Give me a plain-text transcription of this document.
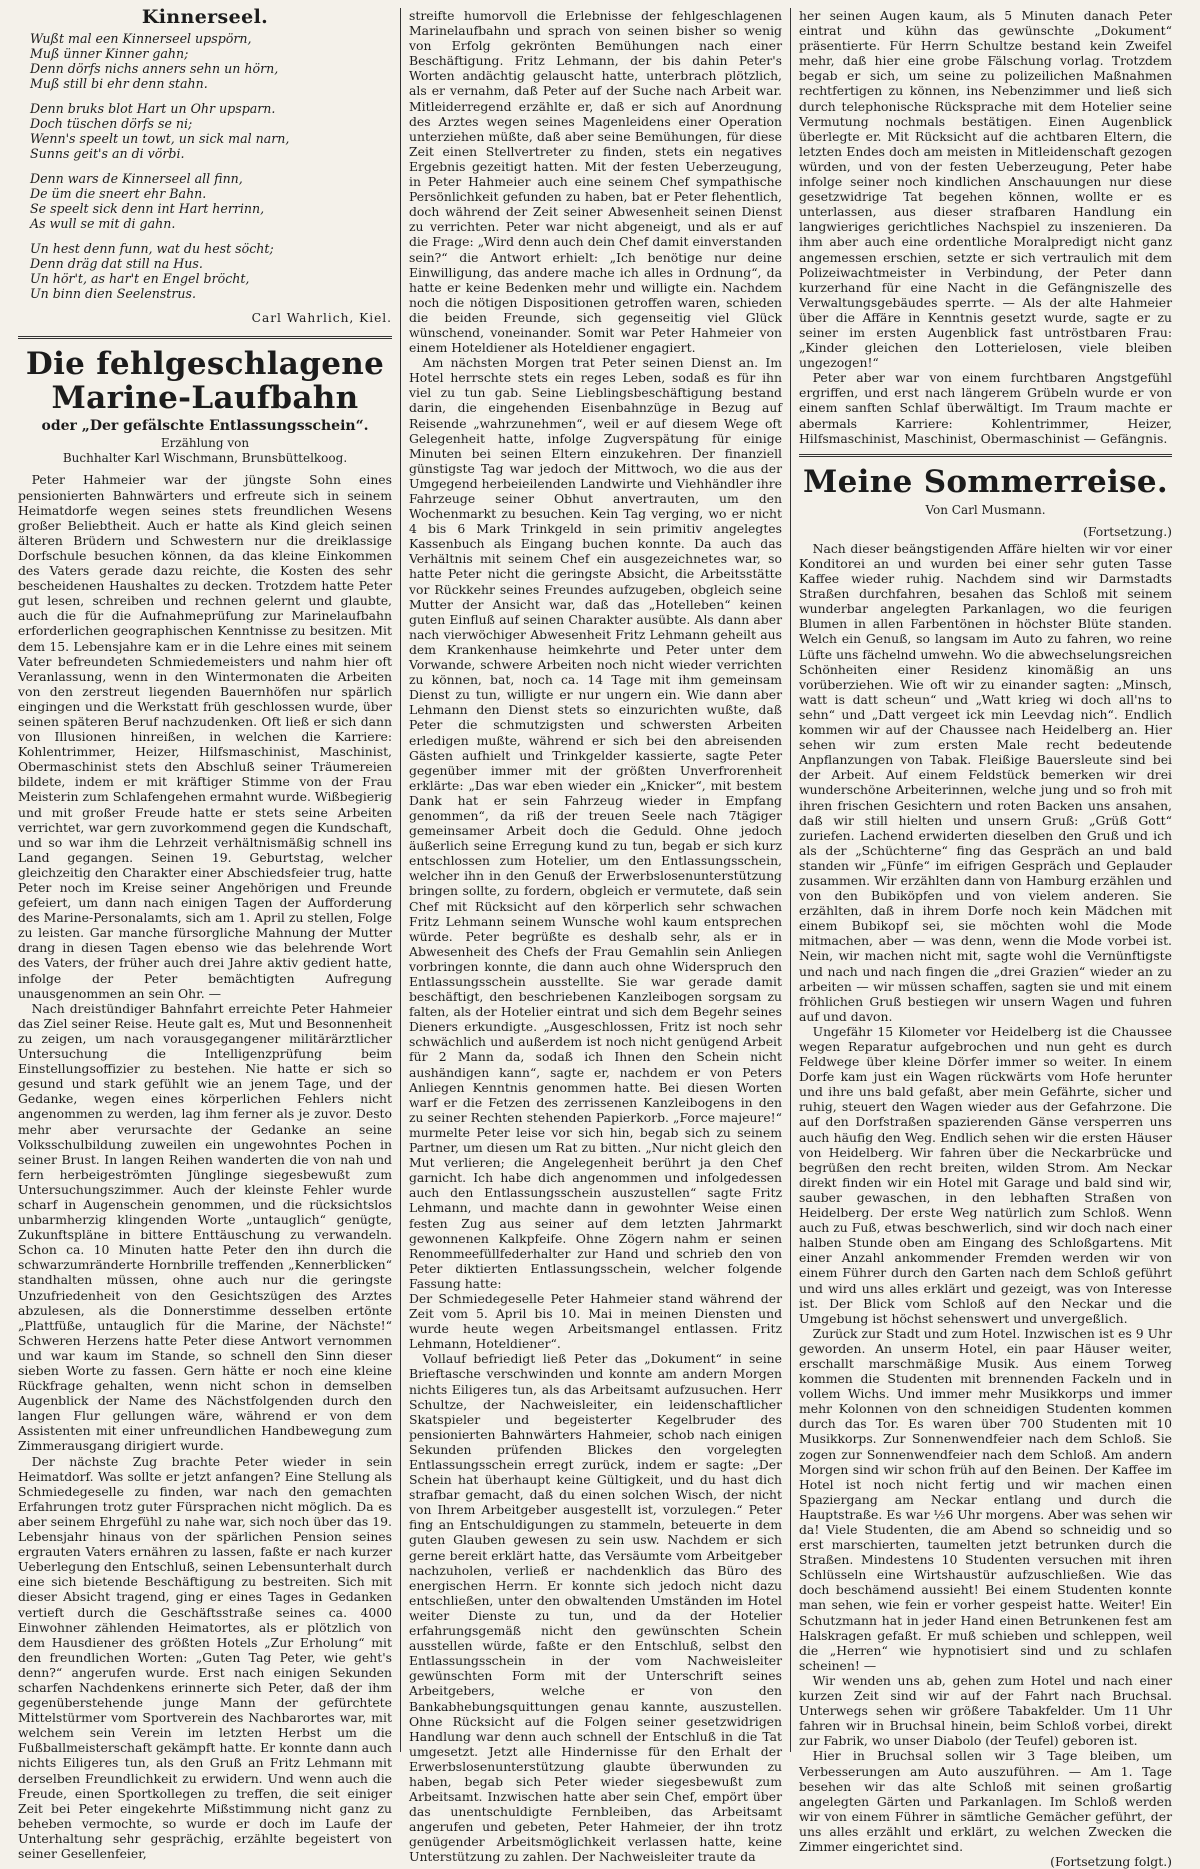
Kinnerseel.
Wußt mal een Kinnerseel upspörn,
Muß ünner Kinner gahn;
Denn dörfs nichs anners sehn un hörn,
Muß still bi ehr denn stahn.
Denn bruks blot Hart un Ohr upsparn.
Doch tüschen dörfs se ni;
Wenn's speelt un towt, un sick mal narn,
Sunns geit's an di vörbi.
Denn wars de Kinnerseel all finn,
De üm die sneert ehr Bahn.
Se speelt sick denn int Hart herrinn,
As wull se mit di gahn.
Un hest denn funn, wat du hest söcht;
Denn dräg dat still na Hus.
Un hör't, as har't en Engel bröcht,
Un binn dien Seelenstrus.
Carl Wahrlich, Kiel.
Die fehlgeschlagene Marine-Laufbahn
oder „Der gefälschte Entlassungsschein“.
Erzählung von
Buchhalter Karl Wischmann, Brunsbüttelkoog.

Peter Hahmeier war der jüngste Sohn eines pensionierten Bahnwärters und erfreute sich in seinem Heimatdorfe wegen seines stets freundlichen Wesens großer Beliebtheit. Auch er hatte als Kind gleich seinen älteren Brüdern und Schwestern nur die dreiklassige Dorfschule besuchen können, da das kleine Einkommen des Vaters gerade dazu reichte, die Kosten des sehr bescheidenen Haushaltes zu decken. Trotzdem hatte Peter gut lesen, schreiben und rechnen gelernt und glaubte, auch die für die Aufnahmeprüfung zur Marinelaufbahn erforderlichen geographischen Kenntnisse zu besitzen. Mit dem 15. Lebensjahre kam er in die Lehre eines mit seinem Vater befreundeten Schmiedemeisters und nahm hier oft Veranlassung, wenn in den Wintermonaten die Arbeiten von den zerstreut liegenden Bauernhöfen nur spärlich eingingen und die Werkstatt früh geschlossen wurde, über seinen späteren Beruf nachzudenken. Oft ließ er sich dann von Illusionen hinreißen, in welchen die Karriere: Kohlentrimmer, Heizer, Hilfsmaschinist, Maschinist, Obermaschinist stets den Abschluß seiner Träumereien bildete, indem er mit kräftiger Stimme von der Frau Meisterin zum Schlafengehen ermahnt wurde. Wißbegierig und mit großer Freude hatte er stets seine Arbeiten verrichtet, war gern zuvorkommend gegen die Kundschaft, und so war ihm die Lehrzeit verhältnismäßig schnell ins Land gegangen. Seinen 19. Geburtstag, welcher gleichzeitig den Charakter einer Abschiedsfeier trug, hatte Peter noch im Kreise seiner Angehörigen und Freunde gefeiert, um dann nach einigen Tagen der Aufforderung des Marine-Personalamts, sich am 1. April zu stellen, Folge zu leisten. Gar manche fürsorgliche Mahnung der Mutter drang in diesen Tagen ebenso wie das belehrende Wort des Vaters, der früher auch drei Jahre aktiv gedient hatte, infolge der Peter bemächtigten Aufregung unausgenommen an sein Ohr. —

Nach dreistündiger Bahnfahrt erreichte Peter Hahmeier das Ziel seiner Reise. Heute galt es, Mut und Besonnenheit zu zeigen, um nach vorausgegangener militärärztlicher Untersuchung die Intelligenzprüfung beim Einstellungsoffizier zu bestehen. Nie hatte er sich so gesund und stark gefühlt wie an jenem Tage, und der Gedanke, wegen eines körperlichen Fehlers nicht angenommen zu werden, lag ihm ferner als je zuvor. Desto mehr aber verursachte der Gedanke an seine Volksschulbildung zuweilen ein ungewohntes Pochen in seiner Brust. In langen Reihen wanderten die von nah und fern herbeigeströmten Jünglinge siegesbewußt zum Untersuchungszimmer. Auch der kleinste Fehler wurde scharf in Augenschein genommen, und die rücksichtslos unbarmherzig klingenden Worte „untauglich“ genügte, Zukunftspläne in bittere Enttäuschung zu verwandeln. Schon ca. 10 Minuten hatte Peter den ihn durch die schwarzumränderte Hornbrille treffenden „Kennerblicken“ standhalten müssen, ohne auch nur die geringste Unzufriedenheit von den Gesichtszügen des Arztes abzulesen, als die Donnerstimme desselben ertönte „Plattfüße, untauglich für die Marine, der Nächste!“ Schweren Herzens hatte Peter diese Antwort vernommen und war kaum im Stande, so schnell den Sinn dieser sieben Worte zu fassen. Gern hätte er noch eine kleine Rückfrage gehalten, wenn nicht schon in demselben Augenblick der Name des Nächstfolgenden durch den langen Flur gellungen wäre, während er von dem Assistenten mit einer unfreundlichen Handbewegung zum Zimmerausgang dirigiert wurde.

Der nächste Zug brachte Peter wieder in sein Heimatdorf. Was sollte er jetzt anfangen? Eine Stellung als Schmiedegeselle zu finden, war nach den gemachten Erfahrungen trotz guter Fürsprachen nicht möglich. Da es aber seinem Ehrgefühl zu nahe war, sich noch über das 19. Lebensjahr hinaus von der spärlichen Pension seines ergrauten Vaters ernähren zu lassen, faßte er nach kurzer Ueberlegung den Entschluß, seinen Lebensunterhalt durch eine sich bietende Beschäftigung zu bestreiten. Sich mit dieser Absicht tragend, ging er eines Tages in Gedanken vertieft durch die Geschäftsstraße seines ca. 4000 Einwohner zählenden Heimatortes, als er plötzlich von dem Hausdiener des größten Hotels „Zur Erholung“ mit den freundlichen Worten: „Guten Tag Peter, wie geht's denn?“ angerufen wurde. Erst nach einigen Sekunden scharfen Nachdenkens erinnerte sich Peter, daß der ihm gegenüberstehende junge Mann der gefürchtete Mittelstürmer vom Sportverein des Nachbarortes war, mit welchem sein Verein im letzten Herbst um die Fußballmeisterschaft gekämpft hatte. Er konnte dann auch nichts Eiligeres tun, als den Gruß an Fritz Lehmann mit derselben Freundlichkeit zu erwidern. Und wenn auch die Freude, einen Sportkollegen zu treffen, die seit einiger Zeit bei Peter eingekehrte Mißstimmung nicht ganz zu beheben vermochte, so wurde er doch im Laufe der Unterhaltung sehr gesprächig, erzählte begeistert von seiner Gesellenfeier,

streifte humorvoll die Erlebnisse der fehlgeschlagenen Marinelaufbahn und sprach von seinen bisher so wenig von Erfolg gekrönten Bemühungen nach einer Beschäftigung. Fritz Lehmann, der bis dahin Peter's Worten andächtig gelauscht hatte, unterbrach plötzlich, als er vernahm, daß Peter auf der Suche nach Arbeit war. Mitleiderregend erzählte er, daß er sich auf Anordnung des Arztes wegen seines Magenleidens einer Operation unterziehen müßte, daß aber seine Bemühungen, für diese Zeit einen Stellvertreter zu finden, stets ein negatives Ergebnis gezeitigt hatten. Mit der festen Ueberzeugung, in Peter Hahmeier auch eine seinem Chef sympathische Persönlichkeit gefunden zu haben, bat er Peter flehentlich, doch während der Zeit seiner Abwesenheit seinen Dienst zu verrichten. Peter war nicht abgeneigt, und als er auf die Frage: „Wird denn auch dein Chef damit einverstanden sein?“ die Antwort erhielt: „Ich benötige nur deine Einwilligung, das andere mache ich alles in Ordnung“, da hatte er keine Bedenken mehr und willigte ein. Nachdem noch die nötigen Dispositionen getroffen waren, schieden die beiden Freunde, sich gegenseitig viel Glück wünschend, voneinander. Somit war Peter Hahmeier von einem Hoteldiener als Hoteldiener engagiert.

Am nächsten Morgen trat Peter seinen Dienst an. Im Hotel herrschte stets ein reges Leben, sodaß es für ihn viel zu tun gab. Seine Lieblingsbeschäftigung bestand darin, die eingehenden Eisenbahnzüge in Bezug auf Reisende „wahrzunehmen“, weil er auf diesem Wege oft Gelegenheit hatte, infolge Zugverspätung für einige Minuten bei seinen Eltern einzukehren. Der finanziell günstigste Tag war jedoch der Mittwoch, wo die aus der Umgegend herbeieilenden Landwirte und Viehhändler ihre Fahrzeuge seiner Obhut anvertrauten, um den Wochenmarkt zu besuchen. Kein Tag verging, wo er nicht 4 bis 6 Mark Trinkgeld in sein primitiv angelegtes Kassenbuch als Eingang buchen konnte. Da auch das Verhältnis mit seinem Chef ein ausgezeichnetes war, so hatte Peter nicht die geringste Absicht, die Arbeitsstätte vor Rückkehr seines Freundes aufzugeben, obgleich seine Mutter der Ansicht war, daß das „Hotelleben“ keinen guten Einfluß auf seinen Charakter ausübte. Als dann aber nach vierwöchiger Abwesenheit Fritz Lehmann geheilt aus dem Krankenhause heimkehrte und Peter unter dem Vorwande, schwere Arbeiten noch nicht wieder verrichten zu können, bat, noch ca. 14 Tage mit ihm gemeinsam Dienst zu tun, willigte er nur ungern ein. Wie dann aber Lehmann den Dienst stets so einzurichten wußte, daß Peter die schmutzigsten und schwersten Arbeiten erledigen mußte, während er sich bei den abreisenden Gästen aufhielt und Trinkgelder kassierte, sagte Peter gegenüber immer mit der größten Unverfrorenheit erklärte: „Das war eben wieder ein „Knicker“, mit bestem Dank hat er sein Fahrzeug wieder in Empfang genommen“, da riß der treuen Seele nach 7tägiger gemeinsamer Arbeit doch die Geduld. Ohne jedoch äußerlich seine Erregung kund zu tun, begab er sich kurz entschlossen zum Hotelier, um den Entlassungsschein, welcher ihn in den Genuß der Erwerbslosenunterstützung bringen sollte, zu fordern, obgleich er vermutete, daß sein Chef mit Rücksicht auf den körperlich sehr schwachen Fritz Lehmann seinem Wunsche wohl kaum entsprechen würde. Peter begrüßte es deshalb sehr, als er in Abwesenheit des Chefs der Frau Gemahlin sein Anliegen vorbringen konnte, die dann auch ohne Widerspruch den Entlassungsschein ausstellte. Sie war gerade damit beschäftigt, den beschriebenen Kanzleibogen sorgsam zu falten, als der Hotelier eintrat und sich dem Begehr seines Dieners erkundigte. „Ausgeschlossen, Fritz ist noch sehr schwächlich und außerdem ist noch nicht genügend Arbeit für 2 Mann da, sodaß ich Ihnen den Schein nicht aushändigen kann“, sagte er, nachdem er von Peters Anliegen Kenntnis genommen hatte. Bei diesen Worten warf er die Fetzen des zerrissenen Kanzleibogens in den zu seiner Rechten stehenden Papierkorb. „Force majeure!“ murmelte Peter leise vor sich hin, begab sich zu seinem Partner, um diesen um Rat zu bitten. „Nur nicht gleich den Mut verlieren; die Angelegenheit berührt ja den Chef garnicht. Ich habe dich angenommen und infolgedessen auch den Entlassungsschein auszustellen“ sagte Fritz Lehmann, und machte dann in gewohnter Weise einen festen Zug aus seiner auf dem letzten Jahrmarkt gewonnenen Kalkpfeife. Ohne Zögern nahm er seinen Renommeefüllfederhalter zur Hand und schrieb den von Peter diktierten Entlassungsschein, welcher folgende Fassung hatte:

Der Schmiedegeselle Peter Hahmeier stand während der Zeit vom 5. April bis 10. Mai in meinen Diensten und wurde heute wegen Arbeitsmangel entlassen. Fritz Lehmann, Hoteldiener“.

Vollauf befriedigt ließ Peter das „Dokument“ in seine Brieftasche verschwinden und konnte am andern Morgen nichts Eiligeres tun, als das Arbeitsamt aufzusuchen. Herr Schultze, der Nachweisleiter, ein leidenschaftlicher Skatspieler und begeisterter Kegelbruder des pensionierten Bahnwärters Hahmeier, schob nach einigen Sekunden prüfenden Blickes den vorgelegten Entlassungsschein erregt zurück, indem er sagte: „Der Schein hat überhaupt keine Gültigkeit, und du hast dich strafbar gemacht, daß du einen solchen Wisch, der nicht von Ihrem Arbeitgeber ausgestellt ist, vorzulegen.“ Peter fing an Entschuldigungen zu stammeln, beteuerte in dem guten Glauben gewesen zu sein usw. Nachdem er sich gerne bereit erklärt hatte, das Versäumte vom Arbeitgeber nachzuholen, verließ er nachdenklich das Büro des energischen Herrn. Er konnte sich jedoch nicht dazu entschließen, unter den obwaltenden Umständen im Hotel weiter Dienste zu tun, und da der Hotelier erfahrungsgemäß nicht den gewünschten Schein ausstellen würde, faßte er den Entschluß, selbst den Entlassungsschein in der vom Nachweisleiter gewünschten Form mit der Unterschrift seines Arbeitgebers, welche er von den Bankabhebungsquittungen genau kannte, auszustellen. Ohne Rücksicht auf die Folgen seiner gesetzwidrigen Handlung war denn auch schnell der Entschluß in die Tat umgesetzt. Jetzt alle Hindernisse für den Erhalt der Erwerbslosenunterstützung glaubte überwunden zu haben, begab sich Peter wieder siegesbewußt zum Arbeitsamt. Inzwischen hatte aber sein Chef, empört über das unentschuldigte Fernbleiben, das Arbeitsamt angerufen und gebeten, Peter Hahmeier, der ihn trotz genügender Arbeitsmöglichkeit verlassen hatte, keine Unterstützung zu zahlen. Der Nachweisleiter traute da

her seinen Augen kaum, als 5 Minuten danach Peter eintrat und kühn das gewünschte „Dokument“ präsentierte. Für Herrn Schultze bestand kein Zweifel mehr, daß hier eine grobe Fälschung vorlag. Trotzdem begab er sich, um seine zu polizeilichen Maßnahmen rechtfertigen zu können, ins Nebenzimmer und ließ sich durch telephonische Rücksprache mit dem Hotelier seine Vermutung nochmals bestätigen. Einen Augenblick überlegte er. Mit Rücksicht auf die achtbaren Eltern, die letzten Endes doch am meisten in Mitleidenschaft gezogen würden, und von der festen Ueberzeugung, Peter habe infolge seiner noch kindlichen Anschauungen nur diese gesetzwidrige Tat begehen können, wollte er es unterlassen, aus dieser strafbaren Handlung ein langwieriges gerichtliches Nachspiel zu inszenieren. Da ihm aber auch eine ordentliche Moralpredigt nicht ganz angemessen erschien, setzte er sich vertraulich mit dem Polizeiwachtmeister in Verbindung, der Peter dann kurzerhand für eine Nacht in die Gefängniszelle des Verwaltungsgebäudes sperrte. — Als der alte Hahmeier über die Affäre in Kenntnis gesetzt wurde, sagte er zu seiner im ersten Augenblick fast untröstbaren Frau: „Kinder gleichen den Lotterielosen, viele bleiben ungezogen!“

Peter aber war von einem furchtbaren Angstgefühl ergriffen, und erst nach längerem Grübeln wurde er von einem sanften Schlaf überwältigt. Im Traum machte er abermals Karriere: Kohlentrimmer, Heizer, Hilfsmaschinist, Maschinist, Obermaschinist — Gefängnis.

Meine Sommerreise.
Von Carl Musmann.
(Fortsetzung.)

Nach dieser beängstigenden Affäre hielten wir vor einer Konditorei an und wurden bei einer sehr guten Tasse Kaffee wieder ruhig. Nachdem sind wir Darmstadts Straßen durchfahren, besahen das Schloß mit seinem wunderbar angelegten Parkanlagen, wo die feurigen Blumen in allen Farbentönen in höchster Blüte standen. Welch ein Genuß, so langsam im Auto zu fahren, wo reine Lüfte uns fächelnd umwehn. Wo die abwechselungsreichen Schönheiten einer Residenz kinomäßig an uns vorüberziehen. Wie oft wir zu einander sagten: „Minsch, watt is datt scheun“ und „Watt krieg wi doch all'ns to sehn“ und „Datt vergeet ick min Leevdag nich“. Endlich kommen wir auf der Chaussee nach Heidelberg an. Hier sehen wir zum ersten Male recht bedeutende Anpflanzungen von Tabak. Fleißige Bauersleute sind bei der Arbeit. Auf einem Feldstück bemerken wir drei wunderschöne Arbeiterinnen, welche jung und so froh mit ihren frischen Gesichtern und roten Backen uns ansahen, daß wir still hielten und unsern Gruß: „Grüß Gott“ zuriefen. Lachend erwiderten dieselben den Gruß und ich als der „Schüchterne“ fing das Gespräch an und bald standen wir „Fünfe“ im eifrigen Gespräch und Geplauder zusammen. Wir erzählten dann von Hamburg erzählen und von den Bubiköpfen und von vielem anderen. Sie erzählten, daß in ihrem Dorfe noch kein Mädchen mit einem Bubikopf sei, sie möchten wohl die Mode mitmachen, aber — was denn, wenn die Mode vorbei ist. Nein, wir machen nicht mit, sagte wohl die Vernünftigste und nach und nach fingen die „drei Grazien“ wieder an zu arbeiten — wir müssen schaffen, sagten sie und mit einem fröhlichen Gruß bestiegen wir unsern Wagen und fuhren auf und davon.

Ungefähr 15 Kilometer vor Heidelberg ist die Chaussee wegen Reparatur aufgebrochen und nun geht es durch Feldwege über kleine Dörfer immer so weiter. In einem Dorfe kam just ein Wagen rückwärts vom Hofe herunter und ihre uns bald gefaßt, aber mein Gefährte, sicher und ruhig, steuert den Wagen wieder aus der Gefahrzone. Die auf den Dorfstraßen spazierenden Gänse versperren uns auch häufig den Weg. Endlich sehen wir die ersten Häuser von Heidelberg. Wir fahren über die Neckarbrücke und begrüßen den recht breiten, wilden Strom. Am Neckar direkt finden wir ein Hotel mit Garage und bald sind wir, sauber gewaschen, in den lebhaften Straßen von Heidelberg. Der erste Weg natürlich zum Schloß. Wenn auch zu Fuß, etwas beschwerlich, sind wir doch nach einer halben Stunde oben am Eingang des Schloßgartens. Mit einer Anzahl ankommender Fremden werden wir von einem Führer durch den Garten nach dem Schloß geführt und wird uns alles erklärt und gezeigt, was von Interesse ist. Der Blick vom Schloß auf den Neckar und die Umgebung ist höchst sehenswert und unvergeßlich.

Zurück zur Stadt und zum Hotel. Inzwischen ist es 9 Uhr geworden. An unserm Hotel, ein paar Häuser weiter, erschallt marschmäßige Musik. Aus einem Torweg kommen die Studenten mit brennenden Fackeln und in vollem Wichs. Und immer mehr Musikkorps und immer mehr Kolonnen von den schneidigen Studenten kommen durch das Tor. Es waren über 700 Studenten mit 10 Musikkorps. Zur Sonnenwendfeier nach dem Schloß. Sie zogen zur Sonnenwendfeier nach dem Schloß. Am andern Morgen sind wir schon früh auf den Beinen. Der Kaffee im Hotel ist noch nicht fertig und wir machen einen Spaziergang am Neckar entlang und durch die Hauptstraße. Es war ½6 Uhr morgens. Aber was sehen wir da! Viele Studenten, die am Abend so schneidig und so erst marschierten, taumelten jetzt betrunken durch die Straßen. Mindestens 10 Studenten versuchen mit ihren Schlüsseln eine Wirtshaustür aufzuschließen. Wie das doch beschämend aussieht! Bei einem Studenten konnte man sehen, wie fein er vorher gespeist hatte. Weiter! Ein Schutzmann hat in jeder Hand einen Betrunkenen fest am Halskragen gefaßt. Er muß schieben und schleppen, weil die „Herren“ wie hypnotisiert sind und zu schlafen scheinen! —

Wir wenden uns ab, gehen zum Hotel und nach einer kurzen Zeit sind wir auf der Fahrt nach Bruchsal. Unterwegs sehen wir größere Tabakfelder. Um 11 Uhr fahren wir in Bruchsal hinein, beim Schloß vorbei, direkt zur Fabrik, wo unser Diabolo (der Teufel) geboren ist.

Hier in Bruchsal sollen wir 3 Tage bleiben, um Verbesserungen am Auto auszuführen. — Am 1. Tage besehen wir das alte Schloß mit seinen großartig angelegten Gärten und Parkanlagen. Im Schloß werden wir von einem Führer in sämtliche Gemächer geführt, der uns alles erzählt und erklärt, zu welchen Zwecken die Zimmer eingerichtet sind.

(Fortsetzung folgt.)
